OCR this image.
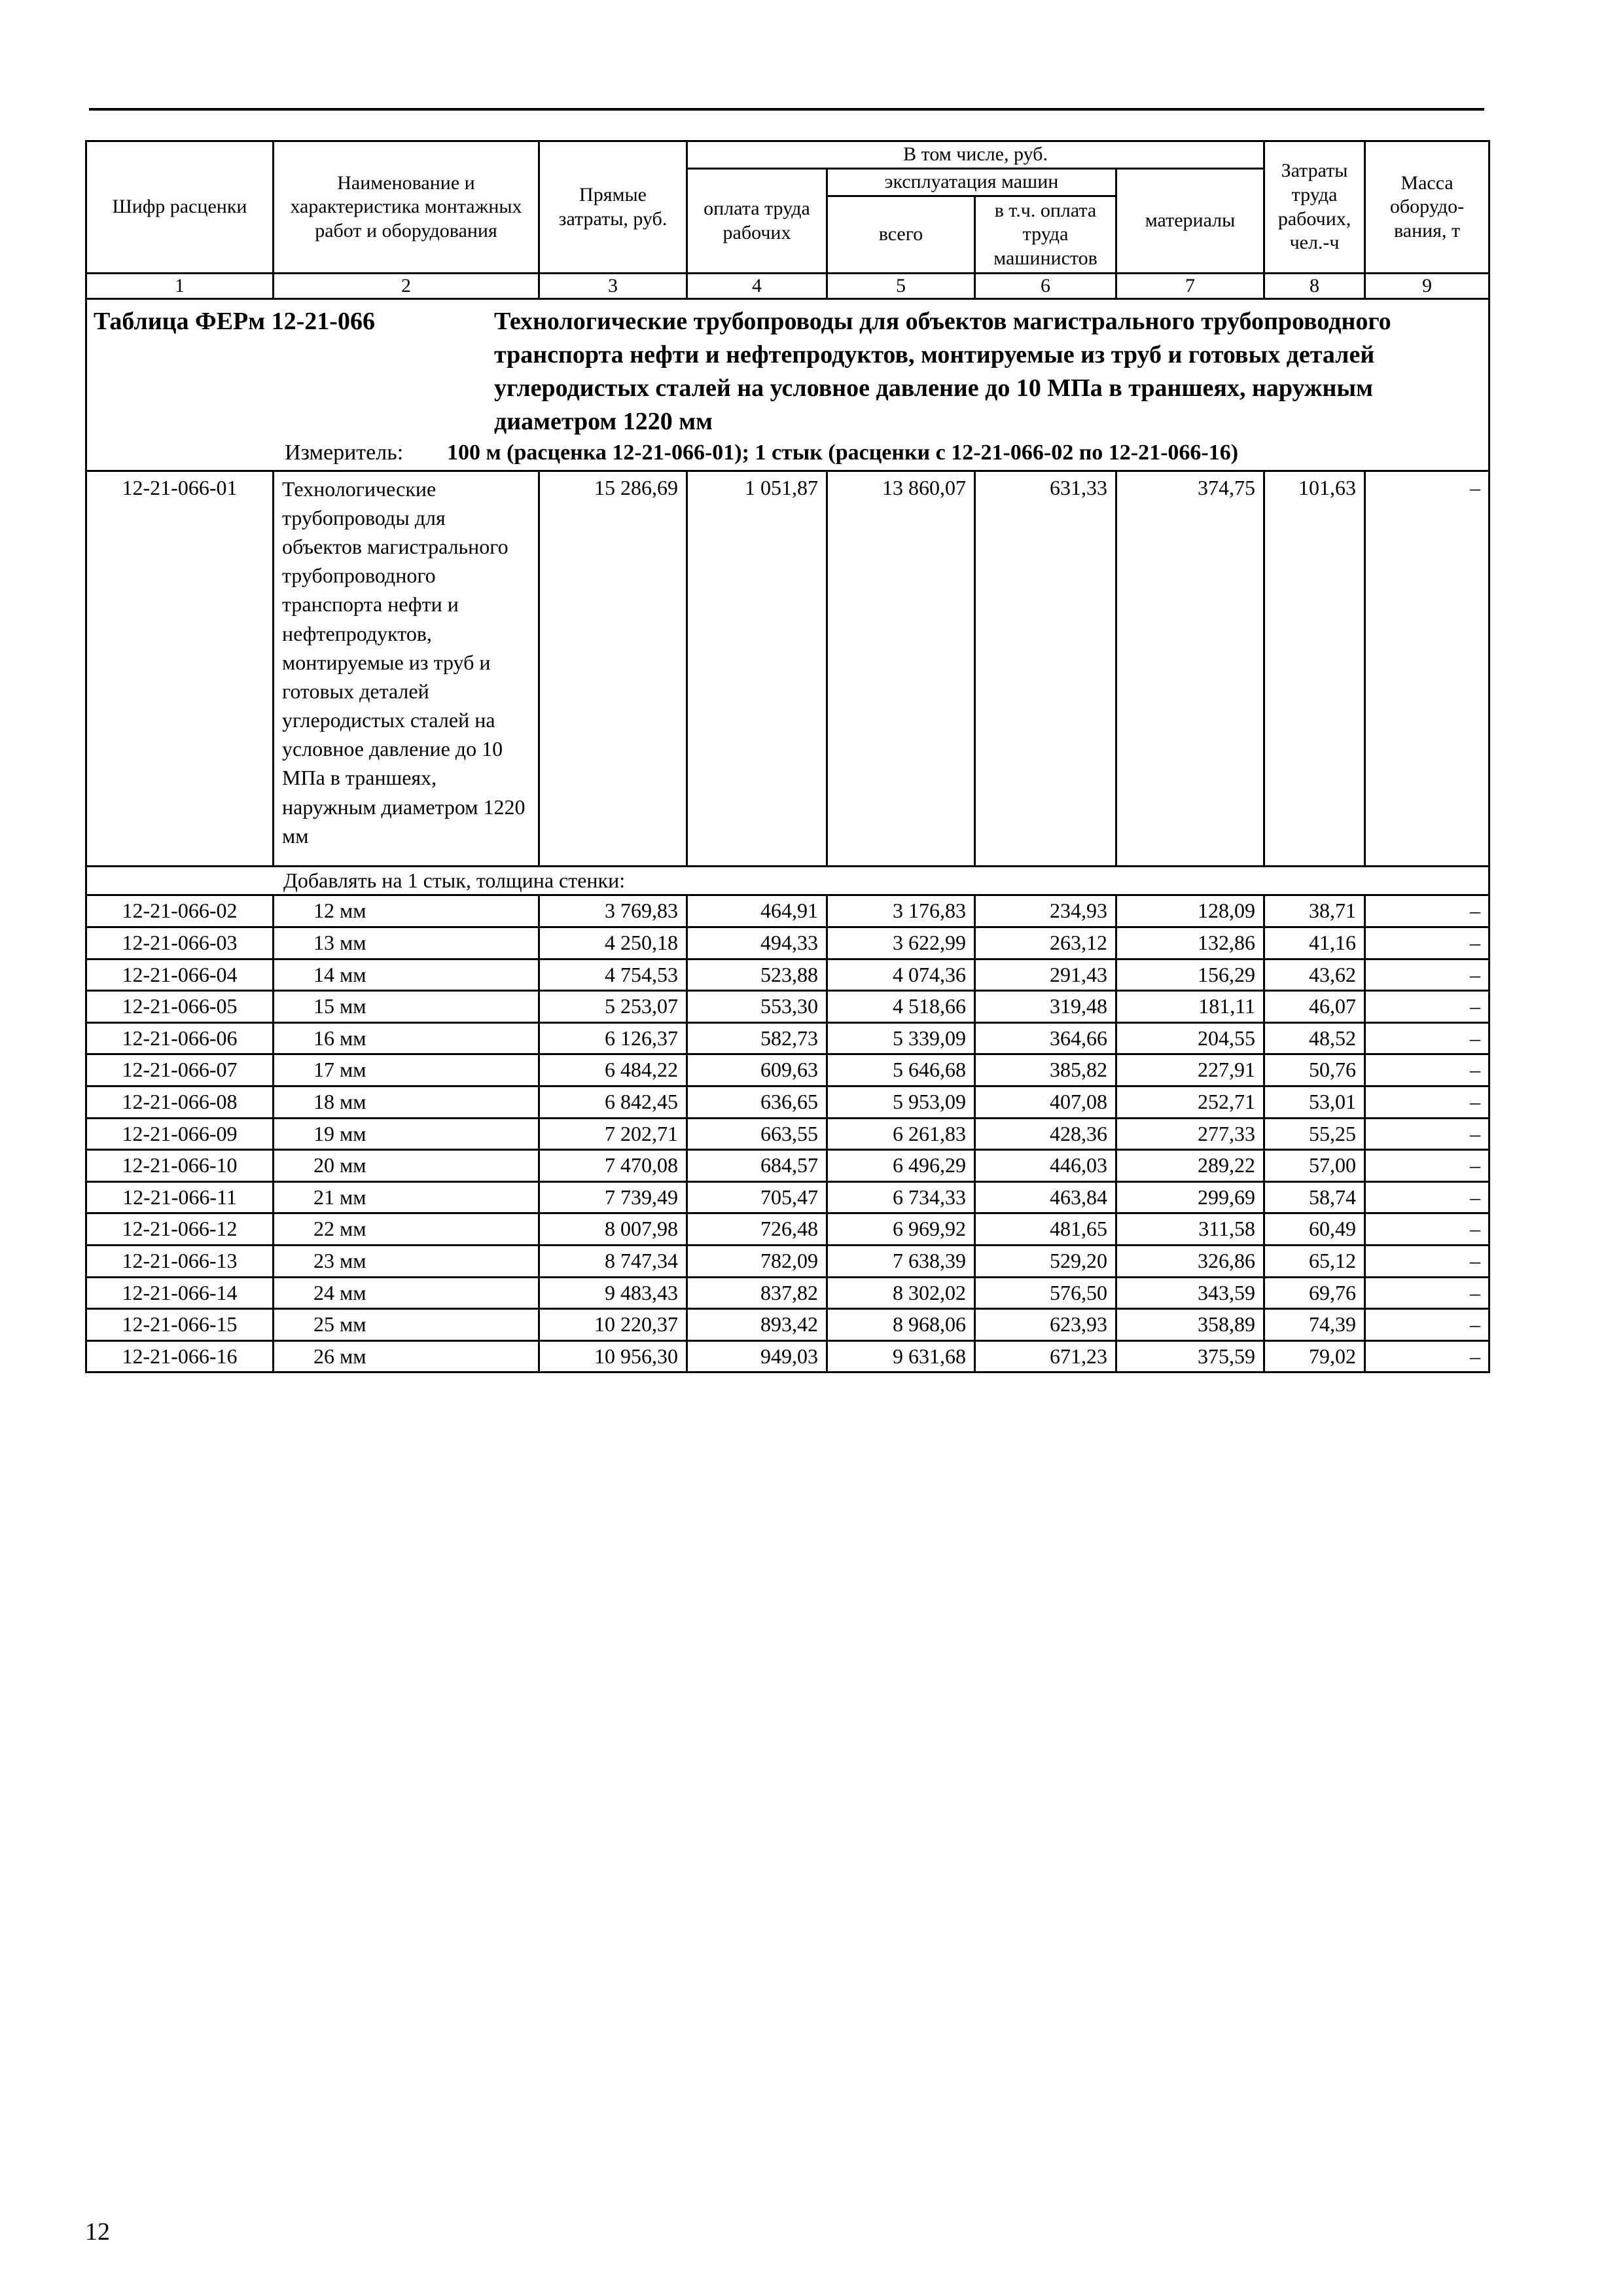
Шифр расценки	Наименование и характеристика монтажных работ и оборудования	Прямые затраты, руб.	В том числе, руб.				Затраты труда рабочих, чел.-ч	Масса оборудо-вания, т
			оплата труда рабочих	эксплуатация машин		материалы		
				всего	в т.ч. оплата труда машинистов			
1	2	3	4	5	6	7	8	9

Таблица ФЕРм 12-21-066 Технологические трубопроводы для объектов магистрального трубопроводного транспорта нефти и нефтепродуктов, монтируемые из труб и готовых деталей углеродистых сталей на условное давление до 10 МПа в траншеях, наружным диаметром 1220 мм
Измеритель: 100 м (расценка 12-21-066-01); 1 стык (расценки с 12-21-066-02 по 12-21-066-16)								

12-21-066-01	Технологические трубопроводы для объектов магистрального трубопроводного транспорта нефти и нефтепродуктов, монтируемые из труб и готовых деталей углеродистых сталей на условное давление до 10 МПа в траншеях, наружным диаметром 1220 мм	15 286,69	1 051,87	13 860,07	631,33	374,75	101,63	–
Добавлять на 1 стык, толщина стенки:								
12-21-066-02	12 мм	3 769,83	464,91	3 176,83	234,93	128,09	38,71	–
12-21-066-03	13 мм	4 250,18	494,33	3 622,99	263,12	132,86	41,16	–
12-21-066-04	14 мм	4 754,53	523,88	4 074,36	291,43	156,29	43,62	–
12-21-066-05	15 мм	5 253,07	553,30	4 518,66	319,48	181,11	46,07	–
12-21-066-06	16 мм	6 126,37	582,73	5 339,09	364,66	204,55	48,52	–
12-21-066-07	17 мм	6 484,22	609,63	5 646,68	385,82	227,91	50,76	–
12-21-066-08	18 мм	6 842,45	636,65	5 953,09	407,08	252,71	53,01	–
12-21-066-09	19 мм	7 202,71	663,55	6 261,83	428,36	277,33	55,25	–
12-21-066-10	20 мм	7 470,08	684,57	6 496,29	446,03	289,22	57,00	–
12-21-066-11	21 мм	7 739,49	705,47	6 734,33	463,84	299,69	58,74	–
12-21-066-12	22 мм	8 007,98	726,48	6 969,92	481,65	311,58	60,49	–
12-21-066-13	23 мм	8 747,34	782,09	7 638,39	529,20	326,86	65,12	–
12-21-066-14	24 мм	9 483,43	837,82	8 302,02	576,50	343,59	69,76	–
12-21-066-15	25 мм	10 220,37	893,42	8 968,06	623,93	358,89	74,39	–
12-21-066-16	26 мм	10 956,30	949,03	9 631,68	671,23	375,59	79,02	–
12
